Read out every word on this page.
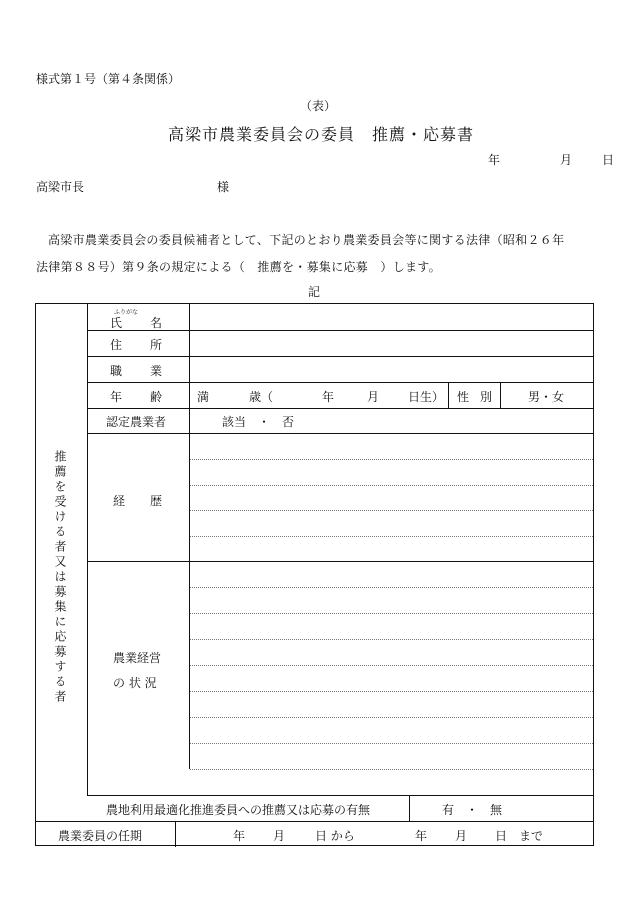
様式第１号（第４条関係）
（表）
高梁市農業委員会の委員　推薦・応募書
年	月	日
高梁市長	様
高梁市農業委員会の委員候補者として、下記のとおり農業委員会等に関する法律（昭和２６年
法律第８８号）第９条の規定による（　推薦を・募集に応募　）します。
記
推薦を受ける者又は募集に応募する者
ふりがな
氏 名
住 所
職 業
年 齢	満	歳（	年	月 日生） 性 別	男・女
認定農業者	該当　・　否
経 歴
農業経営
の 状 況
農地利用最適化推進委員への推薦又は応募の有無	有　・　無
農業委員の任期	年 月 日 から	年 月 日　まで
